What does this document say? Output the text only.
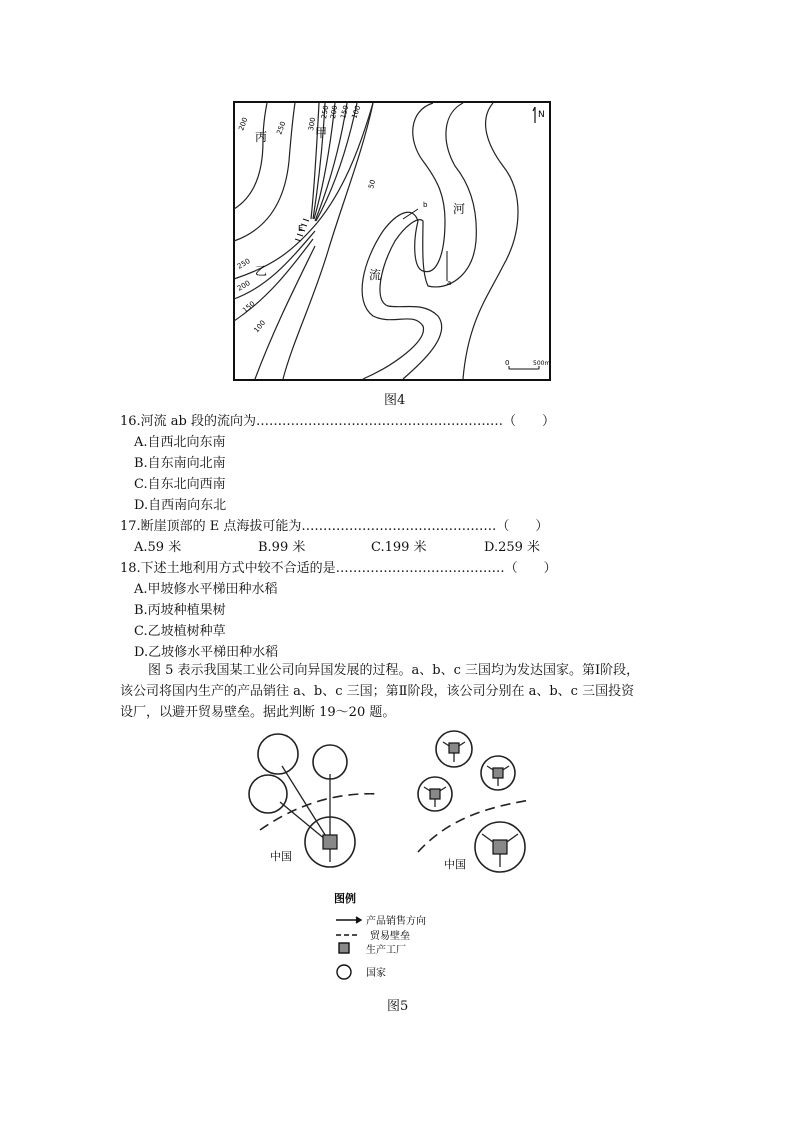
N
0	500m
丙	甲
乙
河
流
E
a
b
200	250	300
250
200 150 100
50
250
200
150
100
图4
16.河流 ab 段的流向为…………………………………………………（　　）
A.自西北向东南
B.自东南向北南
C.自东北向西南
D.自西南向东北
17.断崖顶部的 E 点海拔可能为………………………………………（　　）
A.59 米	B.99 米	C.199 米	D.259 米
18.下述土地利用方式中较不合适的是…………………………………（　　）
A.甲坡修水平梯田种水稻
B.丙坡种植果树
C.乙坡植树种草
D.乙坡修水平梯田种水稻
图 5 表示我国某工业公司向异国发展的过程。a、b、c 三国均为发达国家。第Ⅰ阶段，
该公司将国内生产的产品销往 a、b、c 三国；第Ⅱ阶段，该公司分别在 a、b、c 三国投资
设厂，以避开贸易壁垒。据此判断 19～20 题。
中国
中国
图例
产品销售方向
贸易壁垒
生产工厂
国家
图5
